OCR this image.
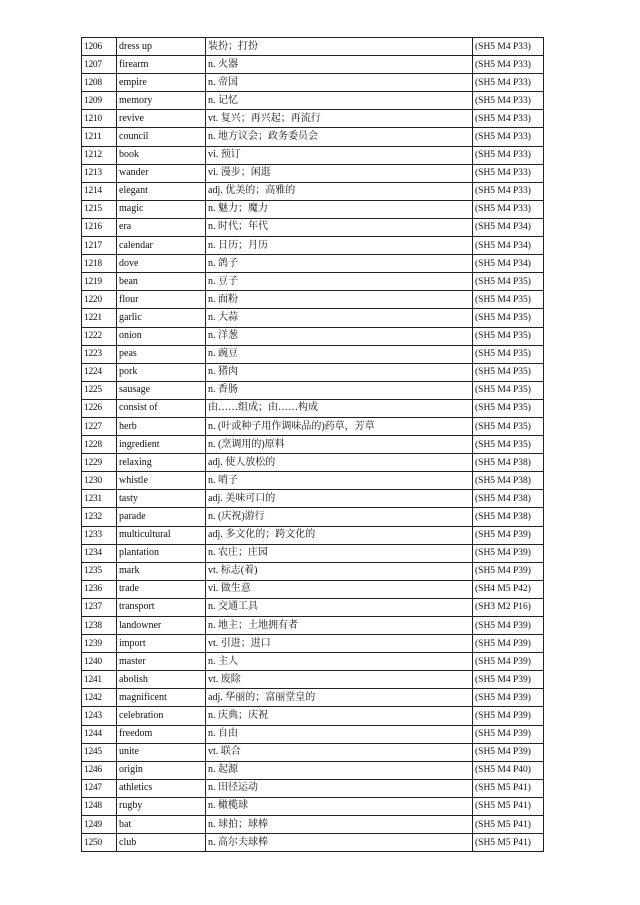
1206	dress up	装扮；打扮	(SH5 M4 P33)
1207	firearm	n. 火器	(SH5 M4 P33)
1208	empire	n. 帝国	(SH5 M4 P33)
1209	memory	n. 记忆	(SH5 M4 P33)
1210	revive	vt. 复兴；再兴起；再流行	(SH5 M4 P33)
1211	council	n. 地方议会；政务委员会	(SH5 M4 P33)
1212	book	vi. 预订	(SH5 M4 P33)
1213	wander	vi. 漫步；闲逛	(SH5 M4 P33)
1214	elegant	adj. 优美的；高雅的	(SH5 M4 P33)
1215	magic	n. 魅力；魔力	(SH5 M4 P33)
1216	era	n. 时代；年代	(SH5 M4 P34)
1217	calendar	n. 日历；月历	(SH5 M4 P34)
1218	dove	n. 鸽子	(SH5 M4 P34)
1219	bean	n. 豆子	(SH5 M4 P35)
1220	flour	n. 面粉	(SH5 M4 P35)
1221	garlic	n. 大蒜	(SH5 M4 P35)
1222	onion	n. 洋葱	(SH5 M4 P35)
1223	peas	n. 豌豆	(SH5 M4 P35)
1224	pork	n. 猪肉	(SH5 M4 P35)
1225	sausage	n. 香肠	(SH5 M4 P35)
1226	consist of	由……组成；由……构成	(SH5 M4 P35)
1227	herb	n. (叶或种子用作调味品的)药草，芳草	(SH5 M4 P35)
1228	ingredient	n. (烹调用的)原料	(SH5 M4 P35)
1229	relaxing	adj. 使人放松的	(SH5 M4 P38)
1230	whistle	n. 哨子	(SH5 M4 P38)
1231	tasty	adj. 美味可口的	(SH5 M4 P38)
1232	parade	n. (庆祝)游行	(SH5 M4 P38)
1233	multicultural	adj. 多文化的；跨文化的	(SH5 M4 P39)
1234	plantation	n. 农庄；庄园	(SH5 M4 P39)
1235	mark	vt. 标志(着)	(SH5 M4 P39)
1236	trade	vi. 做生意	(SH4 M5 P42)
1237	transport	n. 交通工具	(SH3 M2 P16)
1238	landowner	n. 地主；土地拥有者	(SH5 M4 P39)
1239	import	vt. 引进；进口	(SH5 M4 P39)
1240	master	n. 主人	(SH5 M4 P39)
1241	abolish	vt. 废除	(SH5 M4 P39)
1242	magnificent	adj. 华丽的；富丽堂皇的	(SH5 M4 P39)
1243	celebration	n. 庆典；庆祝	(SH5 M4 P39)
1244	freedom	n. 自由	(SH5 M4 P39)
1245	unite	vt. 联合	(SH5 M4 P39)
1246	origin	n. 起源	(SH5 M4 P40)
1247	athletics	n. 田径运动	(SH5 M5 P41)
1248	rugby	n. 橄榄球	(SH5 M5 P41)
1249	bat	n. 球拍；球棒	(SH5 M5 P41)
1250	club	n. 高尔夫球棒	(SH5 M5 P41)
